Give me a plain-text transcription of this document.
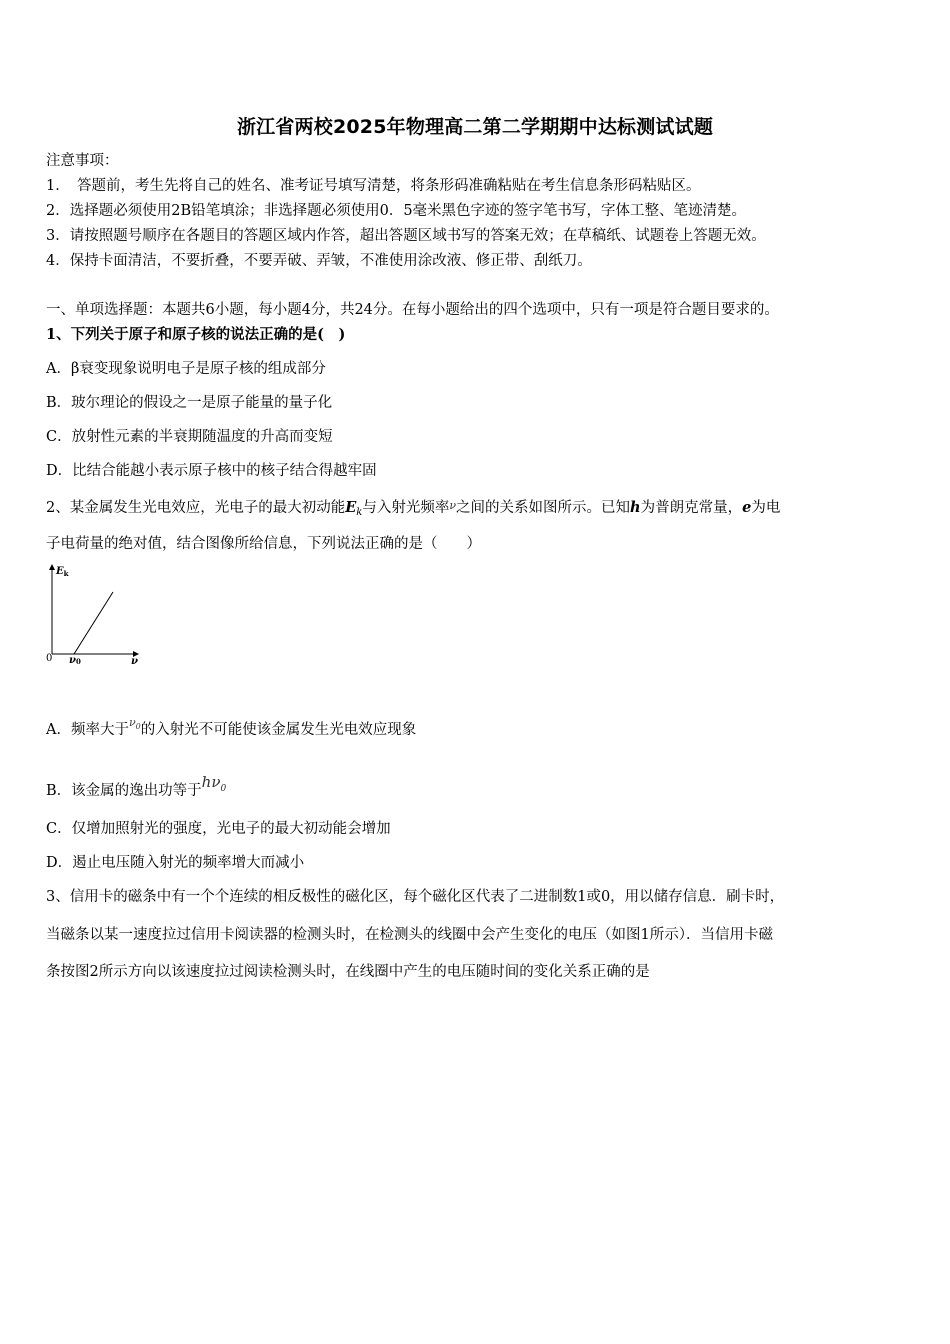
浙江省两校2025年物理高二第二学期期中达标测试试题
注意事项：
1．　答题前，考生先将自己的姓名、准考证号填写清楚，将条形码准确粘贴在考生信息条形码粘贴区。
2．选择题必须使用2B铅笔填涂；非选择题必须使用0．5毫米黑色字迹的签字笔书写，字体工整、笔迹清楚。
3．请按照题号顺序在各题目的答题区域内作答，超出答题区域书写的答案无效；在草稿纸、试题卷上答题无效。
4．保持卡面清洁，不要折叠，不要弄破、弄皱，不准使用涂改液、修正带、刮纸刀。
一、单项选择题：本题共6小题，每小题4分，共24分。在每小题给出的四个选项中，只有一项是符合题目要求的。
1、下列关于原子和原子核的说法正确的是(　)
A．β衰变现象说明电子是原子核的组成部分
B．玻尔理论的假设之一是原子能量的量子化
C．放射性元素的半衰期随温度的升高而变短
D．比结合能越小表示原子核中的核子结合得越牢固
2、某金属发生光电效应，光电子的最大初动能$E_k$与入射光频率$^\nu$之间的关系如图所示。已知h为普朗克常量，e为电
子电荷量的绝对值，结合图像所给信息，下列说法正确的是（　　）
$E_k$
0 ν0	ν
A．频率大于$^{\nu_0}$的入射光不可能使该金属发生光电效应现象
B．该金属的逸出功等于$h\nu_0$
C．仅增加照射光的强度，光电子的最大初动能会增加
D．遏止电压随入射光的频率增大而减小
3、信用卡的磁条中有一个个连续的相反极性的磁化区，每个磁化区代表了二进制数1或0，用以储存信息．刷卡时，
当磁条以某一速度拉过信用卡阅读器的检测头时，在检测头的线圈中会产生变化的电压（如图1所示）．当信用卡磁
条按图2所示方向以该速度拉过阅读检测头时，在线圈中产生的电压随时间的变化关系正确的是
